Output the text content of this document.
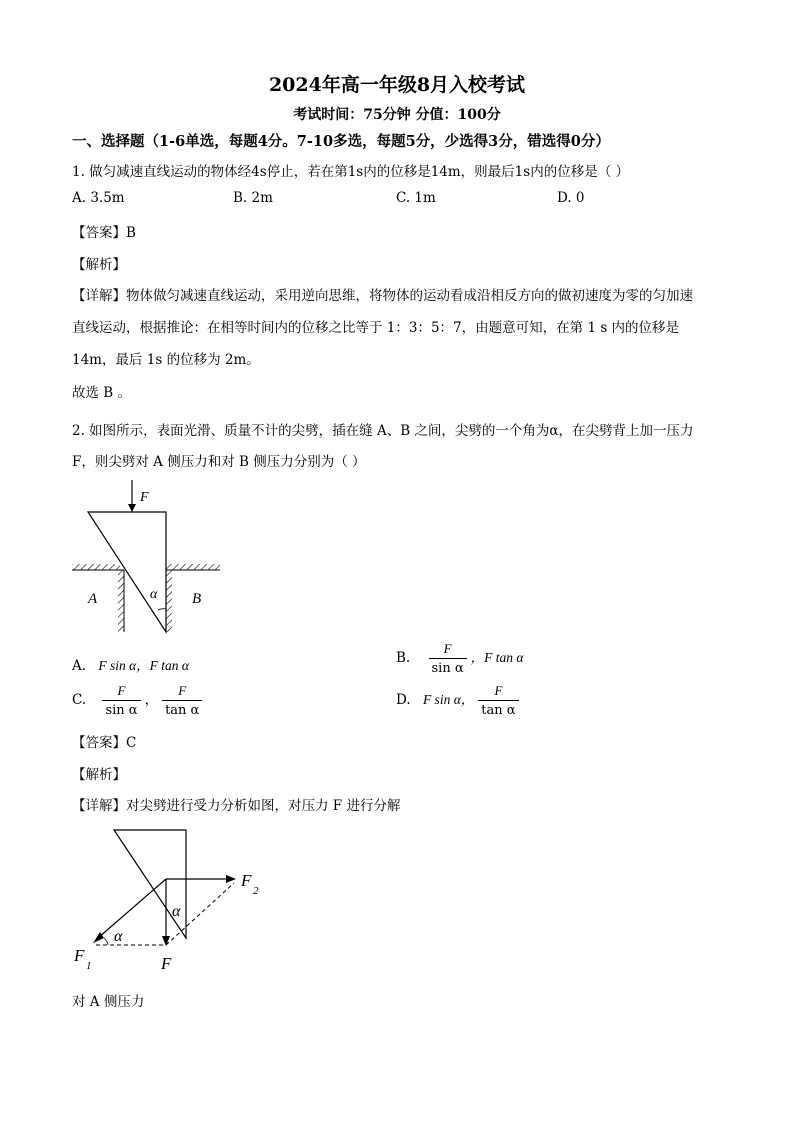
2024年高一年级8月入校考试
考试时间：75分钟 分值：100分
一、选择题（1-6单选，每题4分。7-10多选，每题5分，少选得3分，错选得0分）
1. 做匀减速直线运动的物体经4s停止，若在第1s内的位移是14m，则最后1s内的位移是（ ）
A. 3.5m	B. 2m	C. 1m	D. 0
【答案】B
【解析】
【详解】物体做匀减速直线运动，采用逆向思维，将物体的运动看成沿相反方向的做初速度为零的匀加速
直线运动，根据推论：在相等时间内的位移之比等于 1：3：5：7，由题意可知，在第 1 s 内的位移是
14m，最后 1s 的位移为 2m。
故选 B 。
2. 如图所示，表面光滑、质量不计的尖劈，插在缝 A、B 之间，尖劈的一个角为α，在尖劈背上加一压力
F，则尖劈对 A 侧压力和对 B 侧压力分别为（ ）
F
A	B
α
A. F sin α，F tan α	B. $\frac{F}{\text{sin α}}$ ，F tan α
C. $\frac{F}{\text{sin α}}$ ， $\frac{F}{\text{tan α}}$	D. F sin α， $\frac{F}{\text{tan α}}$
【答案】C
【解析】
【详解】对尖劈进行受力分析如图，对压力 F 进行分解
F
2
F
F
1
α
α
对 A 侧压力
